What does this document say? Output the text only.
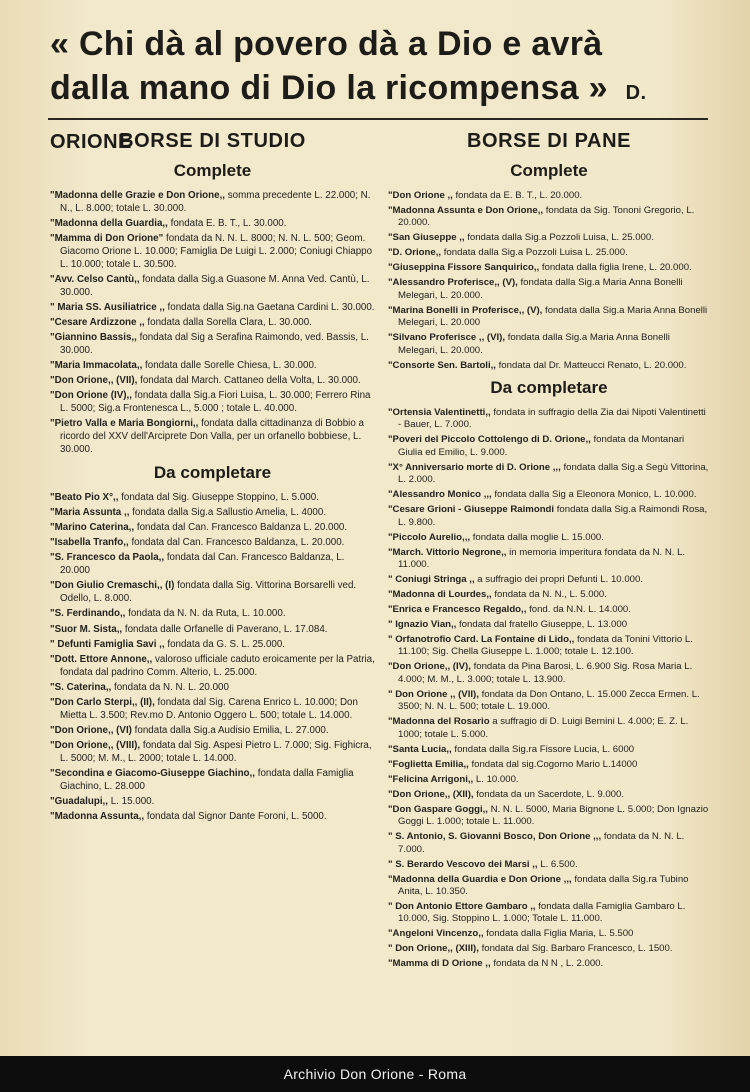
« Chi dà al povero dà a Dio e avrà
dalla mano di Dio la ricompensa » D. ORIONE
BORSE DI STUDIO
Complete
"Madonna delle Grazie e Don Orione,, somma precedente L. 22.000; N. N., L. 8.000; totale L. 30.000.
"Madonna della Guardia,, fondata E. B. T., L. 30.000.
"Mamma di Don Orione" fondata da N. N. L. 8000; N. N. L. 500; Geom. Giacomo Orione L. 10.000; Famiglia De Luigi L. 2.000; Coniugi Chiappo L. 10.000; totale L. 30.500.
"Avv. Celso Cantù,, fondata dalla Sig.a Guasone M. Anna Ved. Cantù, L. 30.000.
" Maria SS. Ausiliatrice ,, fondata dalla Sig.na Gaetana Cardini L. 30.000.
"Cesare Ardizzone ,, fondata dalla Sorella Clara, L. 30.000.
"Giannino Bassis,, fondata dal Sig a Serafina Raimondo, ved. Bassis, L. 30.000.
"Maria Immacolata,, fondata dalle Sorelle Chiesa, L. 30.000.
"Don Orione,, (VII), fondata dal March. Cattaneo della Volta, L. 30.000.
"Don Orione (IV),, fondata dalla Sig.a Fiori Luisa, L. 30.000; Ferrero Rina L. 5000; Sig.a Frontenesca L., 5.000 ; totale L. 40.000.
"Pietro Valla e Maria Bongiorni,, fondata dalla cittadinanza di Bobbio a ricordo del XXV dell'Arciprete Don Valla, per un orfanello bobbiese, L. 30.000.
Da completare
"Beato Pio X°,, fondata dal Sig. Giuseppe Stoppino, L. 5.000.
"Maria Assunta ,, fondata dalla Sig.a Sallustio Amelia, L. 4000.
"Marino Caterina,, fondata dal Can. Francesco Baldanza L. 20.000.
"Isabella Tranfo,, fondata dal Can. Francesco Baldanza, L. 20.000.
"S. Francesco da Paola,, fondata dal Can. Francesco Baldanza, L. 20.000
"Don Giulio Cremaschi,, (I) fondata dalla Sig. Vittorina Borsarelli ved. Odello, L. 8.000.
"S. Ferdinando,, fondata da N. N. da Ruta, L. 10.000.
"Suor M. Sista,, fondata dalle Orfanelle di Paverano, L. 17.084.
" Defunti Famiglia Savi ,, fondata da G. S. L. 25.000.
"Dott. Ettore Annone,, valoroso ufficiale caduto eroicamente per la Patria, fondata dal padrino Comm. Alterio, L. 25.000.
"S. Caterina,, fondata da N. N. L. 20.000
"Don Carlo Sterpi,, (II), fondata dal Sig. Carena Enrico L. 10.000; Don Mietta L. 3.500; Rev.mo D. Antonio Oggero L. 500; totale L. 14.000.
"Don Orione,, (VI) fondata dalla Sig.a Audisio Emilia, L. 27.000.
"Don Orione,, (VIII), fondata dal Sig. Aspesi Pietro L. 7.000; Sig. Fighicra, L. 5000; M. M., L. 2000; totale L. 14.000.
"Secondina e Giacomo-Giuseppe Giachino,, fondata dalla Famiglia Giachino, L. 28.000
"Guadalupi,, L. 15.000.
"Madonna Assunta,, fondata dal Signor Dante Foroni, L. 5000.
BORSE DI PANE
Complete
"Don Orione ,, fondata da E. B. T., L. 20.000.
"Madonna Assunta e Don Orione,, fondata da Sig. Tononi Gregorio, L. 20.000.
"San Giuseppe ,, fondata dalla Sig.a Pozzoli Luisa, L. 25.000.
"D. Orione,, fondata dalla Sig.a Pozzoli Luisa L. 25.000.
"Giuseppina Fissore Sanquirico,, fondata dalla figlia Irene, L. 20.000.
"Alessandro Proferisce,, (V), fondata dalla Sig.a Maria Anna Bonelli Melegari, L. 20.000.
"Marina Bonelli in Proferisce,, (V), fondata dalla Sig.a Maria Anna Bonelli Melegari, L. 20.000
"Silvano Proferisce ,, (VI), fondata dalla Sig.a Maria Anna Bonelli Melegari, L. 20.000.
"Consorte Sen. Bartoli,, fondata dal Dr. Matteucci Renato, L. 20.000.
Da completare
"Ortensia Valentinetti,, fondata in suffragio della Zia dai Nipoti Valentinetti - Bauer, L. 7.000.
"Poveri del Piccolo Cottolengo di D. Orione,, fondata da Montanari Giulia ed Emilio, L. 9.000.
"X° Anniversario morte di D. Orione ,,, fondata dalla Sig.a Segù Vittorina, L. 2.000.
"Alessandro Monico ,,, fondata dalla Sig a Eleonora Monico, L. 10.000.
"Cesare Grioni - Giuseppe Raimondi fondata dalla Sig.a Raimondi Rosa, L. 9.800.
"Piccolo Aurelio,,, fondata dalla moglie L. 15.000.
"March. Vittorio Negrone,, in memoria imperitura fondata da N. N. L. 11.000.
" Coniugi Stringa ,, a suffragio dei propri Defunti L. 10.000.
"Madonna di Lourdes,, fondata da N. N., L. 5.000.
"Enrica e Francesco Regaldo,, fond. da N.N. L. 14.000.
" Ignazio Vian,, fondata dal fratello Giuseppe, L. 13.000
" Orfanotrofio Card. La Fontaine di Lido,, fondata da Tonini Vittorio L. 11.100; Sig. Chella Giuseppe L. 1.000; totale L. 12.100.
"Don Orione,, (IV), fondata da Pina Barosi, L. 6.900 Sig. Rosa Maria L. 4.000; M. M., L. 3.000; totale L. 13.900.
" Don Orione ,, (VII), fondata da Don Ontano, L. 15.000 Zecca Ermen. L. 3500; N. N. L. 500; totale L. 19.000.
"Madonna del Rosario a suffragio di D. Luigi Bernini L. 4.000; E. Z. L. 1000; totale L. 5.000.
"Santa Lucia,, fondata dalla Sig.ra Fissore Lucia, L. 6000
"Foglietta Emilia,, fondata dal sig.Cogorno Mario L.14000
"Felicina Arrigoni,, L. 10.000.
"Don Orione,, (XII), fondata da un Sacerdote, L. 9.000.
"Don Gaspare Goggi,, N. N. L. 5000, Maria Bignone L. 5.000; Don Ignazio Goggi L. 1.000; totale L. 11.000.
" S. Antonio, S. Giovanni Bosco, Don Orione ,,, fondata da N. N. L. 7.000.
" S. Berardo Vescovo dei Marsi ,, L. 6.500.
"Madonna della Guardia e Don Orione ,,, fondata dalla Sig.ra Tubino Anita, L. 10.350.
" Don Antonio Ettore Gambaro ,, fondata dalla Famiglia Gambaro L. 10.000, Sig. Stoppino L. 1.000; Totale L. 11.000.
"Angeloni Vincenzo,, fondata dalla Figlia Maria, L. 5.500
" Don Orione,, (XIII), fondata dal Sig. Barbaro Francesco, L. 1500.
"Mamma di D Orione ,, fondata da N N , L. 2.000.
Archivio Don Orione - Roma
